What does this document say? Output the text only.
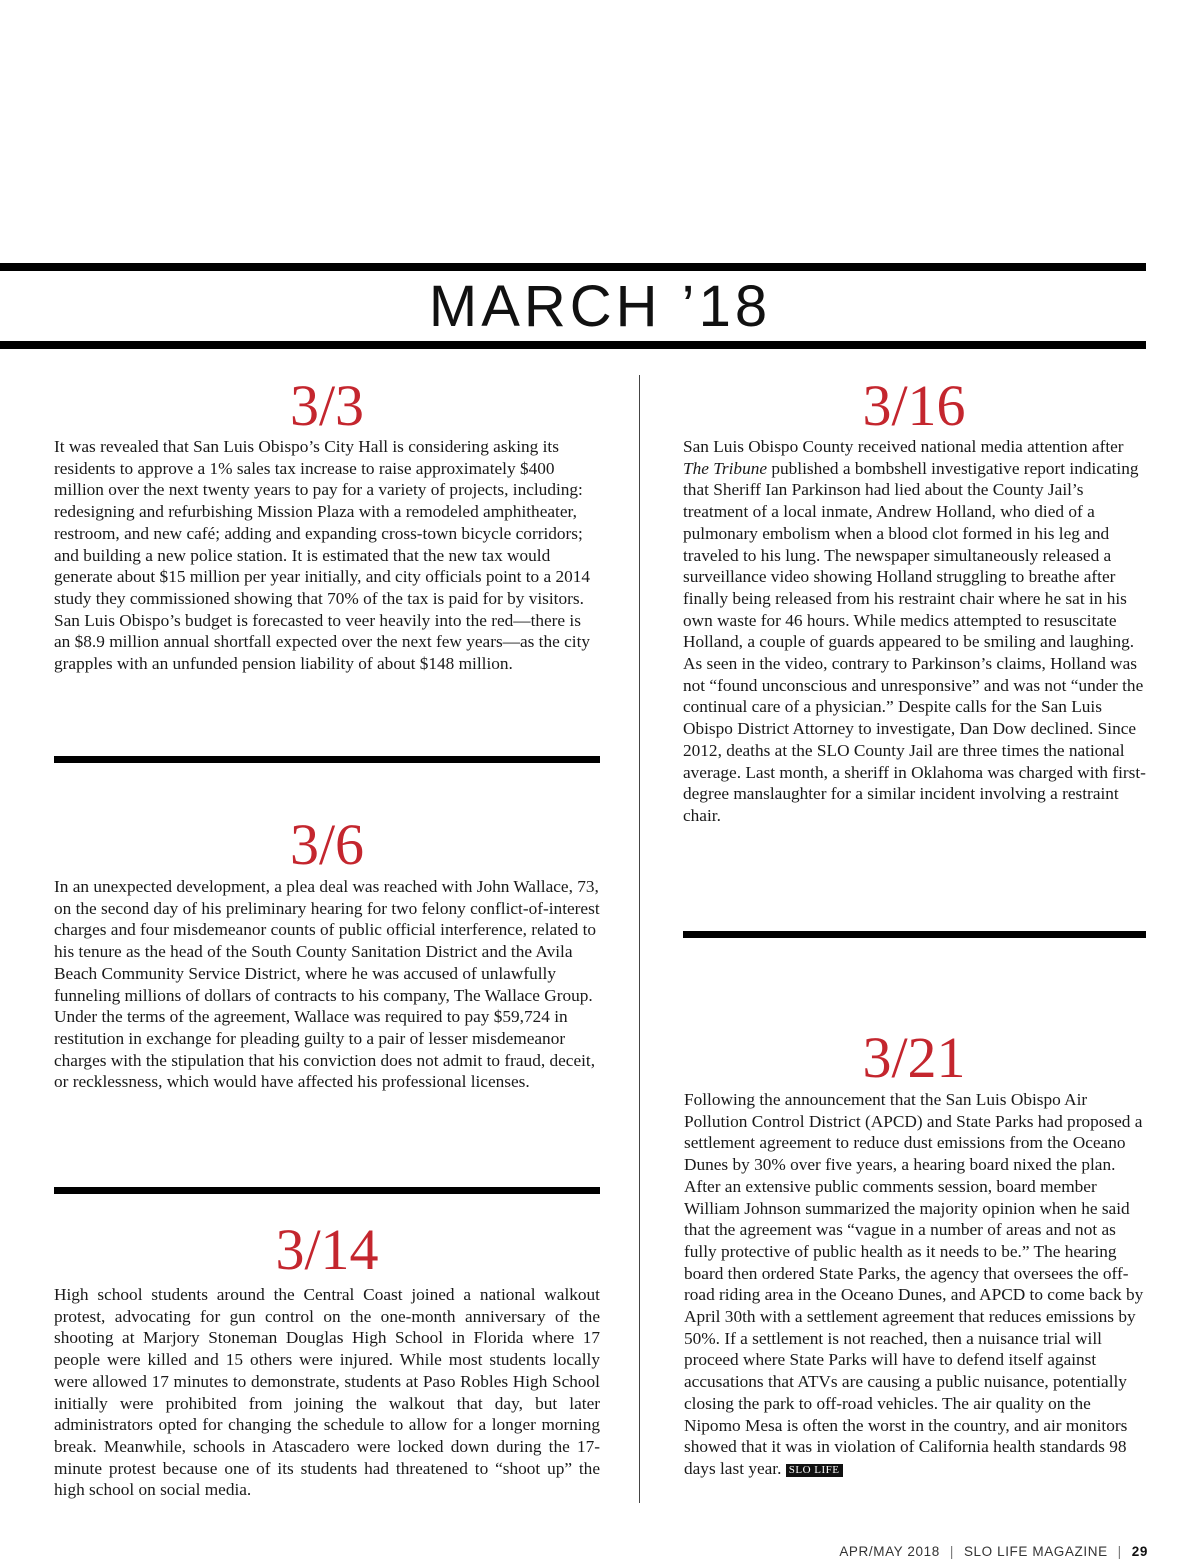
MARCH ’18
3/3

It was revealed that San Luis Obispo’s City Hall is considering asking its residents to approve a 1% sales tax increase to raise approximately $400 million over the next twenty years to pay for a variety of projects, including: redesigning and refurbishing Mission Plaza with a remodeled amphitheater, restroom, and new café; adding and expanding cross-town bicycle corridors; and building a new police station. It is estimated that the new tax would generate about $15 million per year initially, and city officials point to a 2014 study they commissioned showing that 70% of the tax is paid for by visitors. San Luis Obispo’s budget is forecasted to veer heavily into the red—there is an $8.9 million annual shortfall expected over the next few years—as the city grapples with an unfunded pension liability of about $148 million.

3/6

In an unexpected development, a plea deal was reached with John Wallace, 73, on the second day of his preliminary hearing for two felony conflict-of-interest charges and four misdemeanor counts of public official interference, related to his tenure as the head of the South County Sanitation District and the Avila Beach Community Service District, where he was accused of unlawfully funneling millions of dollars of contracts to his company, The Wallace Group. Under the terms of the agreement, Wallace was required to pay $59,724 in restitution in exchange for pleading guilty to a pair of lesser misdemeanor charges with the stipulation that his conviction does not admit to fraud, deceit, or recklessness, which would have affected his professional licenses.

3/14

High school students around the Central Coast joined a national walkout protest, advocating for gun control on the one-month anniversary of the shooting at Marjory Stoneman Douglas High School in Florida where 17 people were killed and 15 others were injured. While most students locally were allowed 17 minutes to demonstrate, students at Paso Robles High School initially were prohibited from joining the walkout that day, but later administrators opted for changing the schedule to allow for a longer morning break. Meanwhile, schools in Atascadero were locked down during the 17-minute protest because one of its students had threatened to “shoot up” the high school on social media.

3/16

San Luis Obispo County received national media attention after The Tribune published a bombshell investigative report indicating that Sheriff Ian Parkinson had lied about the County Jail’s treatment of a local inmate, Andrew Holland, who died of a pulmonary embolism when a blood clot formed in his leg and traveled to his lung. The newspaper simultaneously released a surveillance video showing Holland struggling to breathe after finally being released from his restraint chair where he sat in his own waste for 46 hours. While medics attempted to resuscitate Holland, a couple of guards appeared to be smiling and laughing. As seen in the video, contrary to Parkinson’s claims, Holland was not “found unconscious and unresponsive” and was not “under the continual care of a physician.” Despite calls for the San Luis Obispo District Attorney to investigate, Dan Dow declined. Since 2012, deaths at the SLO County Jail are three times the national average. Last month, a sheriff in Oklahoma was charged with first-degree manslaughter for a similar incident involving a restraint chair.

3/21

Following the announcement that the San Luis Obispo Air Pollution Control District (APCD) and State Parks had proposed a settlement agreement to reduce dust emissions from the Oceano Dunes by 30% over five years, a hearing board nixed the plan. After an extensive public comments session, board member William Johnson summarized the majority opinion when he said that the agreement was “vague in a number of areas and not as fully protective of public health as it needs to be.” The hearing board then ordered State Parks, the agency that oversees the off-road riding area in the Oceano Dunes, and APCD to come back by April 30th with a settlement agreement that reduces emissions by 50%. If a settlement is not reached, then a nuisance trial will proceed where State Parks will have to defend itself against accusations that ATVs are causing a public nuisance, potentially closing the park to off-road vehicles. The air quality on the Nipomo Mesa is often the worst in the country, and air monitors showed that it was in violation of California health standards 98 days last year. SLO LIFE

APR/MAY 2018 | SLO LIFE MAGAZINE | 29
